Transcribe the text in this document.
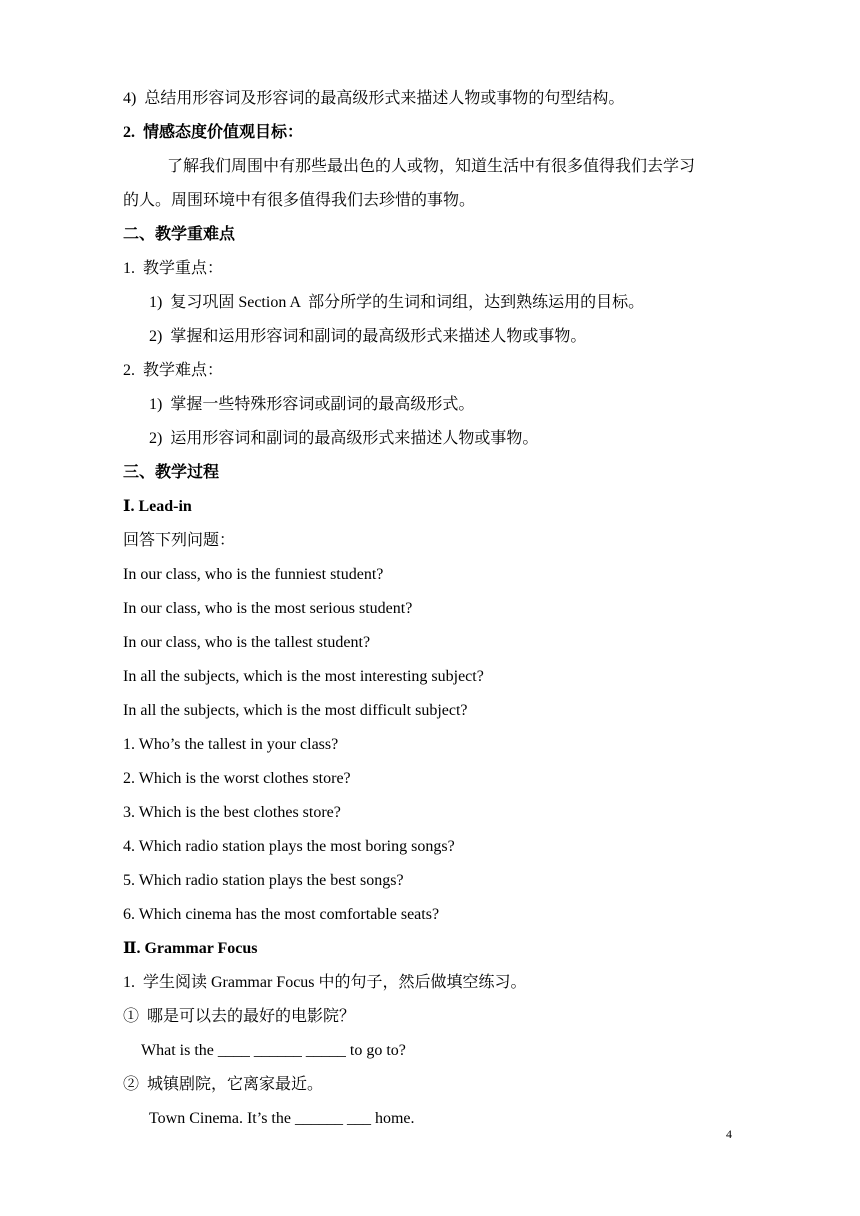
4)  总结用形容词及形容词的最高级形式来描述人物或事物的句型结构。
2.  情感态度价值观目标：
了解我们周围中有那些最出色的人或物，知道生活中有很多值得我们去学习
的人。周围环境中有很多值得我们去珍惜的事物。
二、教学重难点
1.  教学重点：
1)  复习巩固 Section A  部分所学的生词和词组，达到熟练运用的目标。
2)  掌握和运用形容词和副词的最高级形式来描述人物或事物。
2.  教学难点：
1)  掌握一些特殊形容词或副词的最高级形式。
2)  运用形容词和副词的最高级形式来描述人物或事物。
三、教学过程
Ⅰ. Lead-in
回答下列问题：
In our class, who is the funniest student?
In our class, who is the most serious student?
In our class, who is the tallest student?
In all the subjects, which is the most interesting subject?
In all the subjects, which is the most difficult subject?
1. Who’s the tallest in your class?
2. Which is the worst clothes store?
3. Which is the best clothes store?
4. Which radio station plays the most boring songs?
5. Which radio station plays the best songs?
6. Which cinema has the most comfortable seats?
Ⅱ. Grammar Focus
1.  学生阅读 Grammar Focus 中的句子，然后做填空练习。
①  哪是可以去的最好的电影院？
What is the ____ ______ _____ to go to?
②  城镇剧院，它离家最近。
Town Cinema. It’s the ______ ___ home.
4
